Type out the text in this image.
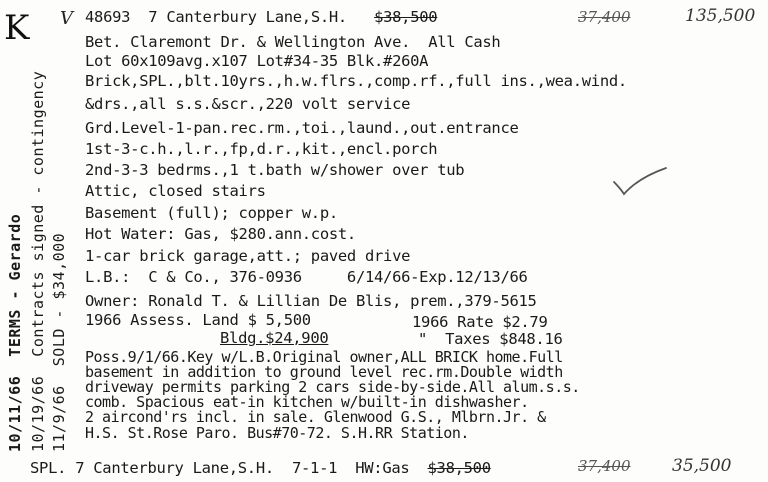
K V 48693 7 Canterbury Lane,S.H. $38,500	37,400	135,500
Bet. Claremont Dr. & Wellington Ave.  All Cash
Lot 60x109avg.x107 Lot#34-35 Blk.#260A
Brick,SPL.,blt.10yrs.,h.w.flrs.,comp.rf.,full ins.,wea.wind.
&drs.,all s.s.&scr.,220 volt service
Grd.Level-1-pan.rec.rm.,toi.,laund.,out.entrance
1st-3-c.h.,l.r.,fp,d.r.,kit.,encl.porch
2nd-3-3 bedrms.,1 t.bath w/shower over tub
Attic, closed stairs
Basement (full); copper w.p.
Hot Water: Gas, $280.ann.cost.
1-car brick garage,att.; paved drive
L.B.:  C & Co., 376-0936     6/14/66-Exp.12/13/66
Owner: Ronald T. & Lillian De Blis, prem.,379-5615
1966 Assess. Land $ 5,500	1966 Rate $2.79
Bldg.$24,900	"  Taxes $848.16
Poss.9/1/66.Key w/L.B.Original owner,ALL BRICK home.Full
basement in addition to ground level rec.rm.Double width
driveway permits parking 2 cars side-by-side.All alum.s.s.
comb. Spacious eat-in kitchen w/built-in dishwasher.
2 aircond'rs incl. in sale. Glenwood G.S., Mlbrn.Jr. &
H.S. St.Rose Paro. Bus#70-72. S.H.RR Station.
SPL. 7 Canterbury Lane,S.H. 7-1-1 HW:Gas $38,500	37,400 35,500
10/11/66  TERMS - Gerardo 10/19/66  Contracts signed - contingency 11/9/66  SOLD - $34,000
